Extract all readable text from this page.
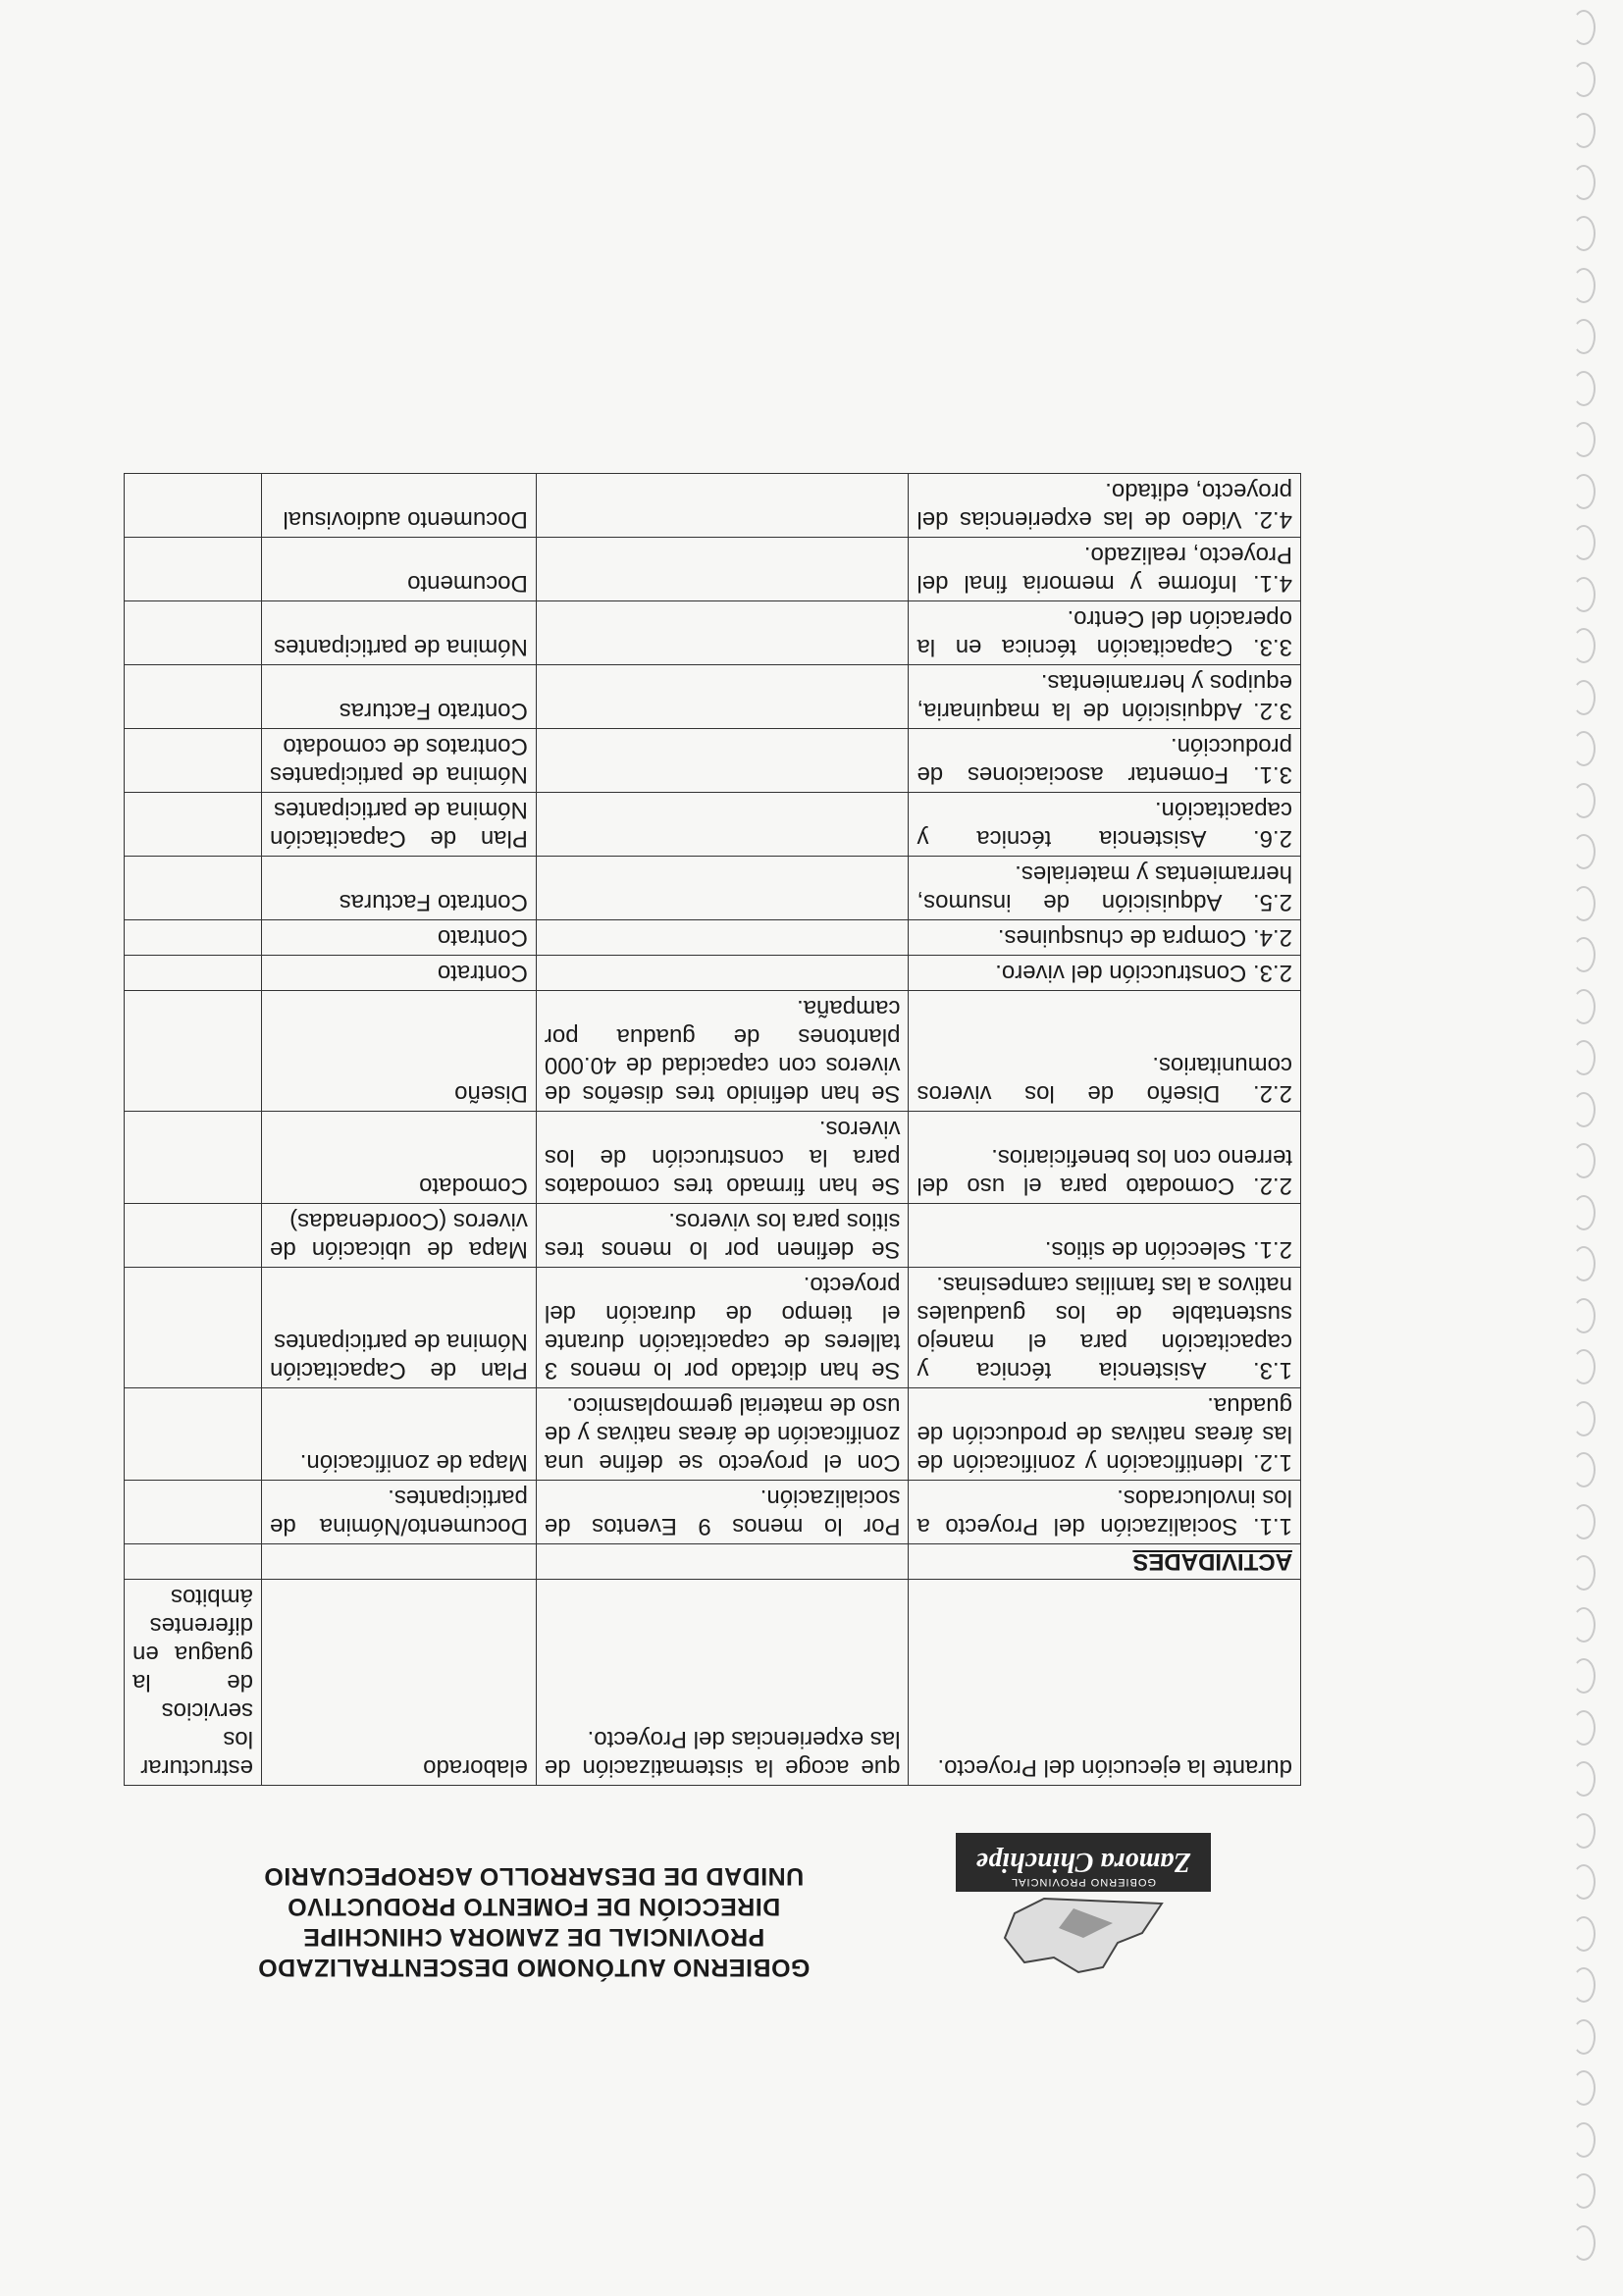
GOBIERNO PROVINCIAL
Zamora Chinchipe
GOBIERNO AUTÓNOMO DESCENTRALIZADO
PROVINCIAL DE ZAMORA CHINCHIPE
DIRECCIÓN DE FOMENTO PRODUCTIVO
UNIDAD DE DESARROLLO AGROPECUARIO
durante la ejecución del Proyecto.	que acoge la sistematización de las experiencias del Proyecto.	elaborado	estructurar los servicios de la guagua en diferentes ámbitos
ACTIVIDADES			
1.1. Socialización del Proyecto a los involucrados.	Por lo menos 9 Eventos de socialización.	Documento/Nómina de participantes.	
1.2. Identificación y zonificación de las áreas nativas de producción de guadua.	Con el proyecto se define una zonificación de áreas nativas y de uso de material germoplasmico.	Mapa de zonificación.	
1.3. Asistencia técnica y capacitación para el manejo sustentable de los guaduales nativos a las familias campesinas.	Se han dictado por lo menos 3 talleres de capacitación durante el tiempo de duración del proyecto.	Plan de Capacitación Nómina de participantes	
2.1. Selección de sitios.	Se definen por lo menos tres sitios para los viveros.	Mapa de ubicación de viveros (Coordenadas)	
2.2. Comodato para el uso del terreno con los beneficiarios.	Se han firmado tres comodatos para la construcción de los viveros.	Comodato	
2.2. Diseño de los viveros comunitarios.	Se han definido tres diseños de viveros con capacidad de 40.000 plantones de guadua por campaña.	Diseño	
2.3. Construcción del vivero.		Contrato	
2.4. Compra de chusquines.		Contrato	
2.5. Adquisición de insumos, herramientas y materiales.		Contrato Facturas	
2.6. Asistencia técnica y capacitación.		Plan de Capacitación Nómina de participantes	
3.1. Fomentar asociaciones de producción.		Nómina de participantes Contratos de comodato	
3.2. Adquisición de la maquinaria, equipos y herramientas.		Contrato Facturas	
3.3. Capacitación técnica en la operación del Centro.		Nómina de participantes	
4.1. Informe y memoria final del Proyecto, realizado.		Documento	
4.2. Video de las experiencias del proyecto, editado.		Documento audiovisual	
